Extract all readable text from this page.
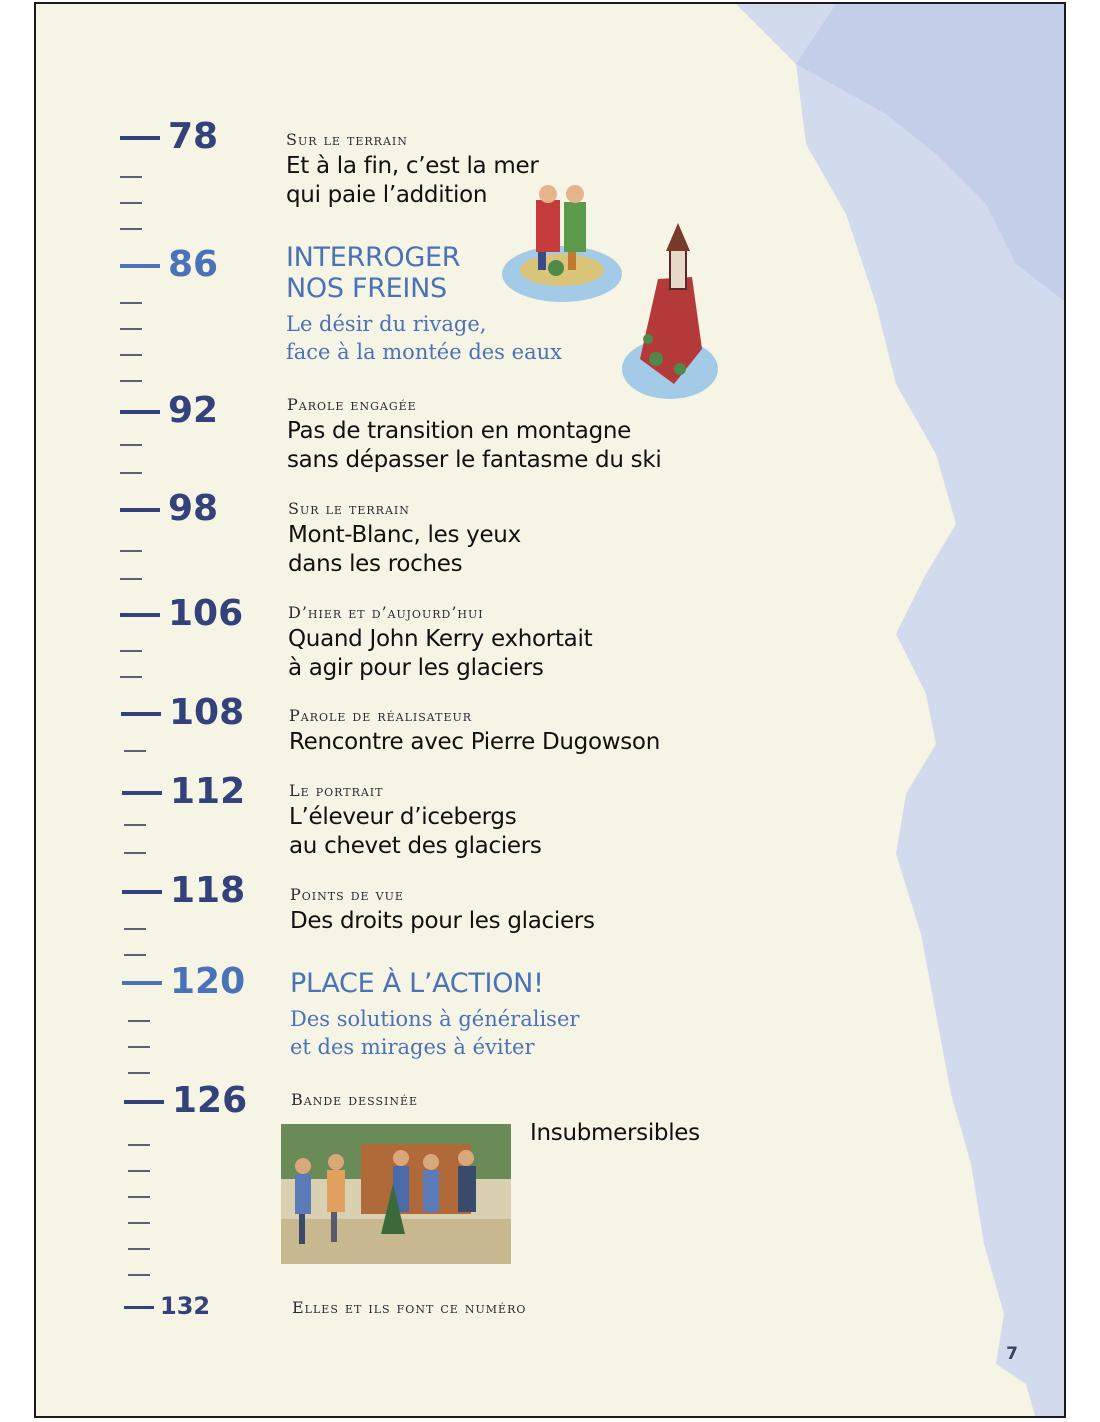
78	Sur le terrain
Et à la fin, c’est la mer
qui paie l’addition
86	INTERROGER
NOS FREINS
Le désir du rivage,
face à la montée des eaux
92	Parole engagée
Pas de transition en montagne
sans dépasser le fantasme du ski
98	Sur le terrain
Mont-Blanc, les yeux
dans les roches
106	D’hier et d’aujourd’hui
Quand John Kerry exhortait
à agir pour les glaciers
108	Parole de réalisateur
Rencontre avec Pierre Dugowson
112	Le portrait
L’éleveur d’icebergs
au chevet des glaciers
118	Points de vue
Des droits pour les glaciers
120 PLACE À L’ACTION!
Des solutions à généraliser
et des mirages à éviter
126	Bande dessinée
Insubmersibles
132	Elles et ils font ce numéro
7
